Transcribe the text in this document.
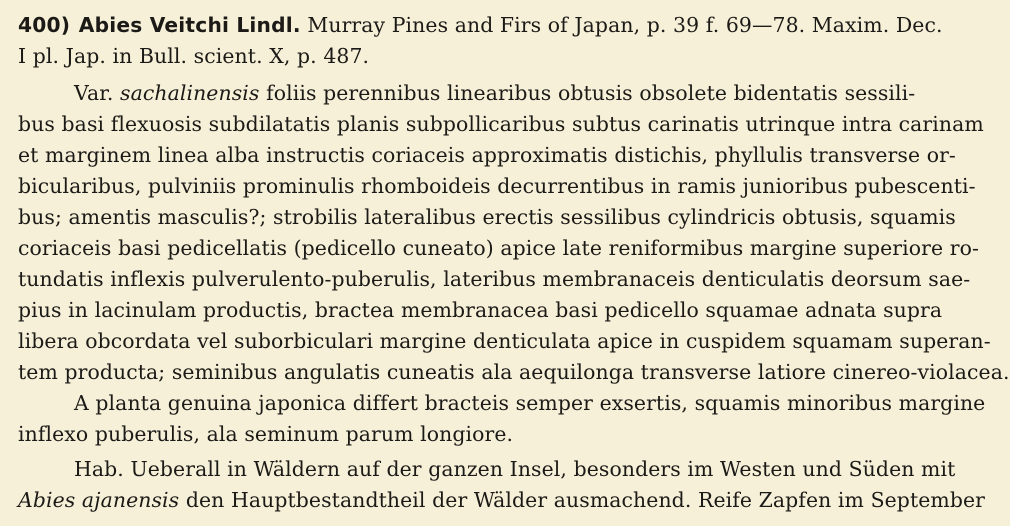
400) Abies Veitchi Lindl. Murray Pines and Firs of Japan, p. 39 f. 69—78. Maxim. Dec.
I pl. Jap. in Bull. scient. X, p. 487.
Var. sachalinensis foliis perennibus linearibus obtusis obsolete bidentatis sessili-
bus basi flexuosis subdilatatis planis subpollicaribus subtus carinatis utrinque intra carinam
et marginem linea alba instructis coriaceis approximatis distichis, phyllulis transverse or-
bicularibus, pulviniis prominulis rhomboideis decurrentibus in ramis junioribus pubescenti-
bus; amentis masculis?; strobilis lateralibus erectis sessilibus cylindricis obtusis, squamis
coriaceis basi pedicellatis (pedicello cuneato) apice late reniformibus margine superiore ro-
tundatis inflexis pulverulento-puberulis, lateribus membranaceis denticulatis deorsum sae-
pius in lacinulam productis, bractea membranacea basi pedicello squamae adnata supra
libera obcordata vel suborbiculari margine denticulata apice in cuspidem squamam superan-
tem producta; seminibus angulatis cuneatis ala aequilonga transverse latiore cinereo-violacea.
A planta genuina japonica differt bracteis semper exsertis, squamis minoribus margine
inflexo puberulis, ala seminum parum longiore.
Hab. Ueberall in Wäldern auf der ganzen Insel, besonders im Westen und Süden mit
Abies ajanensis den Hauptbestandtheil der Wälder ausmachend. Reife Zapfen im September
